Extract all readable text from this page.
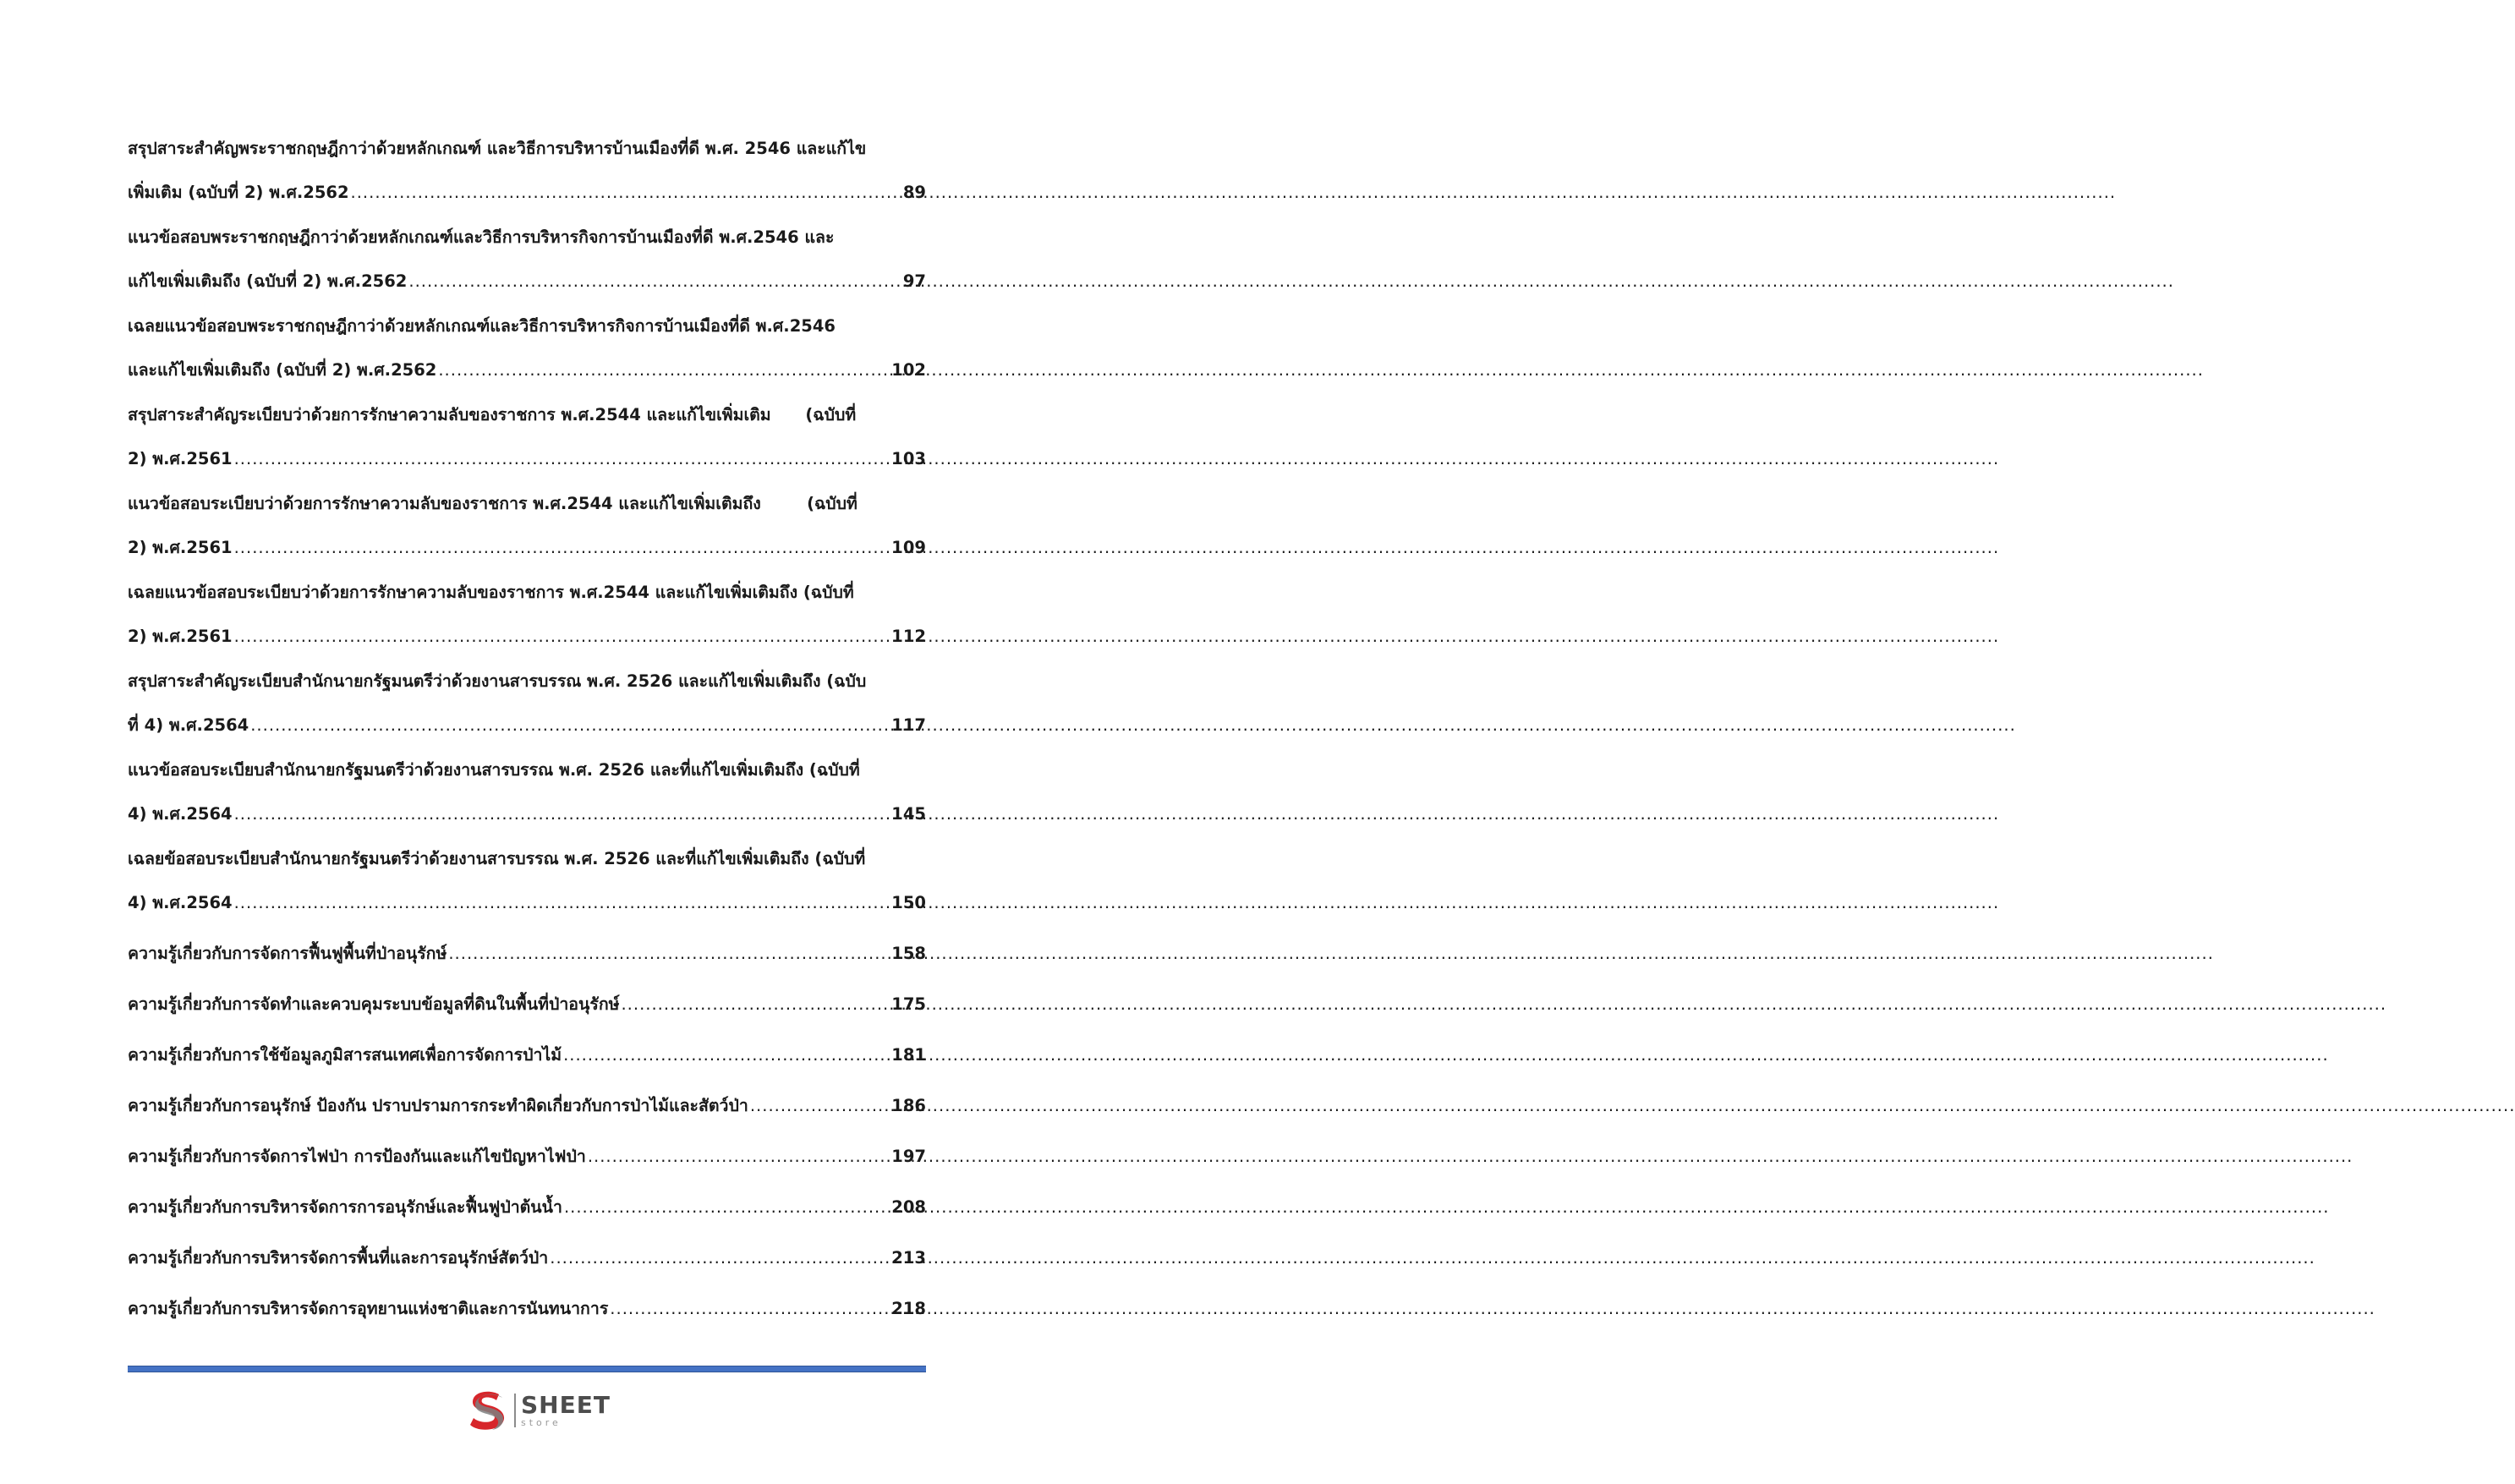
สรุปสาระสำคัญพระราชกฤษฎีกาว่าด้วยหลักเกณฑ์ และวิธีการบริหารบ้านเมืองที่ดี พ.ศ. 2546 และแก้ไข
เพิ่มเติม (ฉบับที่ 2) พ.ศ.2562 .....	89
แนวข้อสอบพระราชกฤษฎีกาว่าด้วยหลักเกณฑ์และวิธีการบริหารกิจการบ้านเมืองที่ดี พ.ศ.2546 และ
แก้ไขเพิ่มเติมถึง (ฉบับที่ 2) พ.ศ.2562 .....	97
เฉลยแนวข้อสอบพระราชกฤษฎีกาว่าด้วยหลักเกณฑ์และวิธีการบริหารกิจการบ้านเมืองที่ดี พ.ศ.2546
และแก้ไขเพิ่มเติมถึง (ฉบับที่ 2) พ.ศ.2562 .....	102
สรุปสาระสำคัญระเบียบว่าด้วยการรักษาความลับของราชการ พ.ศ.2544 และแก้ไขเพิ่มเติม      (ฉบับที่
2) พ.ศ.2561 .....	103
แนวข้อสอบระเบียบว่าด้วยการรักษาความลับของราชการ พ.ศ.2544 และแก้ไขเพิ่มเติมถึง        (ฉบับที่
2) พ.ศ.2561 .....	109
เฉลยแนวข้อสอบระเบียบว่าด้วยการรักษาความลับของราชการ พ.ศ.2544 และแก้ไขเพิ่มเติมถึง (ฉบับที่
2) พ.ศ.2561 .....	112
สรุปสาระสำคัญระเบียบสำนักนายกรัฐมนตรีว่าด้วยงานสารบรรณ พ.ศ. 2526 และแก้ไขเพิ่มเติมถึง (ฉบับ
ที่ 4) พ.ศ.2564 .....	117
แนวข้อสอบระเบียบสำนักนายกรัฐมนตรีว่าด้วยงานสารบรรณ พ.ศ. 2526 และที่แก้ไขเพิ่มเติมถึง (ฉบับที่
4) พ.ศ.2564 .....	145
เฉลยข้อสอบระเบียบสำนักนายกรัฐมนตรีว่าด้วยงานสารบรรณ พ.ศ. 2526 และที่แก้ไขเพิ่มเติมถึง (ฉบับที่
4) พ.ศ.2564 .....	150
ความรู้เกี่ยวกับการจัดการฟื้นฟูพื้นที่ป่าอนุรักษ์ .....	158
ความรู้เกี่ยวกับการจัดทำและควบคุมระบบข้อมูลที่ดินในพื้นที่ป่าอนุรักษ์ .....	175
ความรู้เกี่ยวกับการใช้ข้อมูลภูมิสารสนเทศเพื่อการจัดการป่าไม้ .....	181
ความรู้เกี่ยวกับการอนุรักษ์ ป้องกัน ปราบปรามการกระทำผิดเกี่ยวกับการป่าไม้และสัตว์ป่า .....	186
ความรู้เกี่ยวกับการจัดการไฟป่า การป้องกันและแก้ไขปัญหาไฟป่า .....	197
ความรู้เกี่ยวกับการบริหารจัดการการอนุรักษ์และฟื้นฟูป่าต้นน้ำ .....	208
ความรู้เกี่ยวกับการบริหารจัดการพื้นที่และการอนุรักษ์สัตว์ป่า .....	213
ความรู้เกี่ยวกับการบริหารจัดการอุทยานแห่งชาติและการนันทนาการ .....	218
SHEET
store
